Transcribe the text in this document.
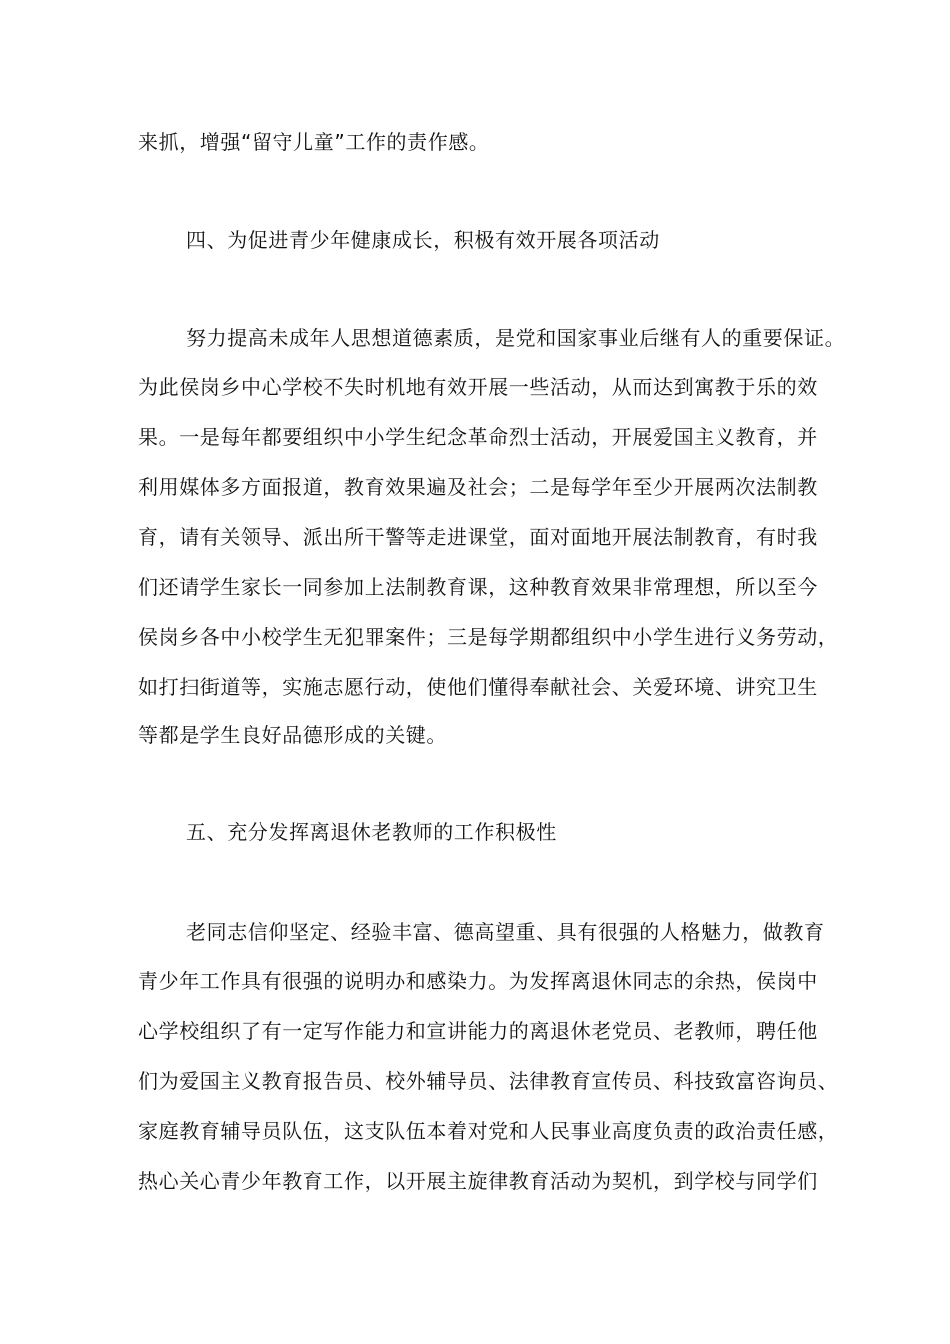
来抓，增强“留守儿童”工作的责作感。
四、为促进青少年健康成长，积极有效开展各项活动
努力提高未成年人思想道德素质，是党和国家事业后继有人的重要保证。
为此侯岗乡中心学校不失时机地有效开展一些活动，从而达到寓教于乐的效
果。一是每年都要组织中小学生纪念革命烈士活动，开展爱国主义教育，并
利用媒体多方面报道，教育效果遍及社会；二是每学年至少开展两次法制教
育，请有关领导、派出所干警等走进课堂，面对面地开展法制教育，有时我
们还请学生家长一同参加上法制教育课，这种教育效果非常理想，所以至今
侯岗乡各中小校学生无犯罪案件；三是每学期都组织中小学生进行义务劳动，
如打扫街道等，实施志愿行动，使他们懂得奉献社会、关爱环境、讲究卫生
等都是学生良好品德形成的关键。
五、充分发挥离退休老教师的工作积极性
老同志信仰坚定、经验丰富、德高望重、具有很强的人格魅力，做教育
青少年工作具有很强的说明办和感染力。为发挥离退休同志的余热，侯岗中
心学校组织了有一定写作能力和宣讲能力的离退休老党员、老教师，聘任他
们为爱国主义教育报告员、校外辅导员、法律教育宣传员、科技致富咨询员、
家庭教育辅导员队伍，这支队伍本着对党和人民事业高度负责的政治责任感，
热心关心青少年教育工作，以开展主旋律教育活动为契机，到学校与同学们
